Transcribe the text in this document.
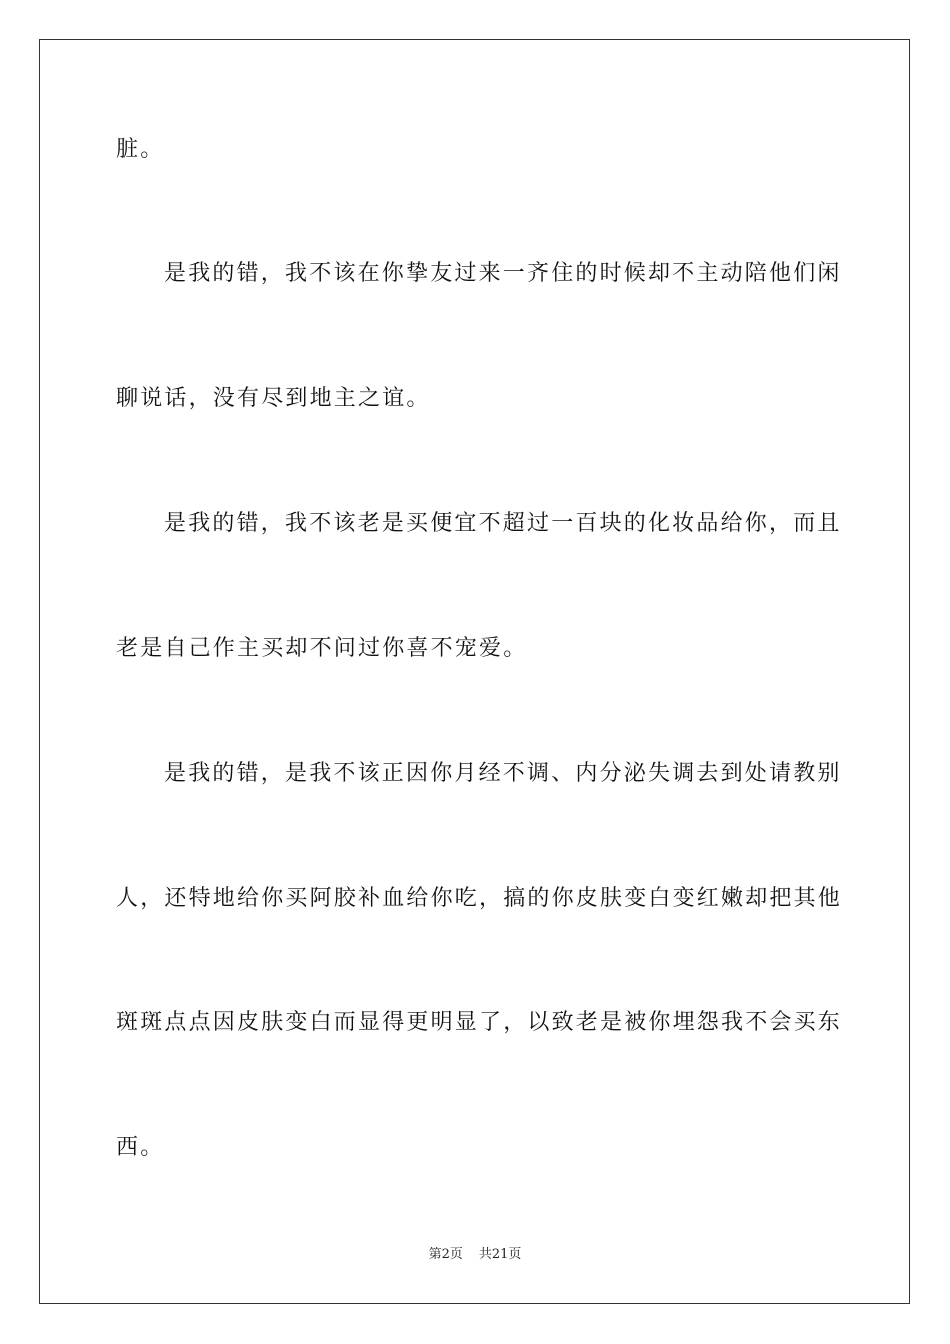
脏。
是我的错，我不该在你挚友过来一齐住的时候却不主动陪他们闲
聊说话，没有尽到地主之谊。
是我的错，我不该老是买便宜不超过一百块的化妆品给你，而且
老是自己作主买却不问过你喜不宠爱。
是我的错，是我不该正因你月经不调、内分泌失调去到处请教别
人，还特地给你买阿胶补血给你吃，搞的你皮肤变白变红嫩却把其他
斑斑点点因皮肤变白而显得更明显了，以致老是被你埋怨我不会买东
西。
第2页 共21页
